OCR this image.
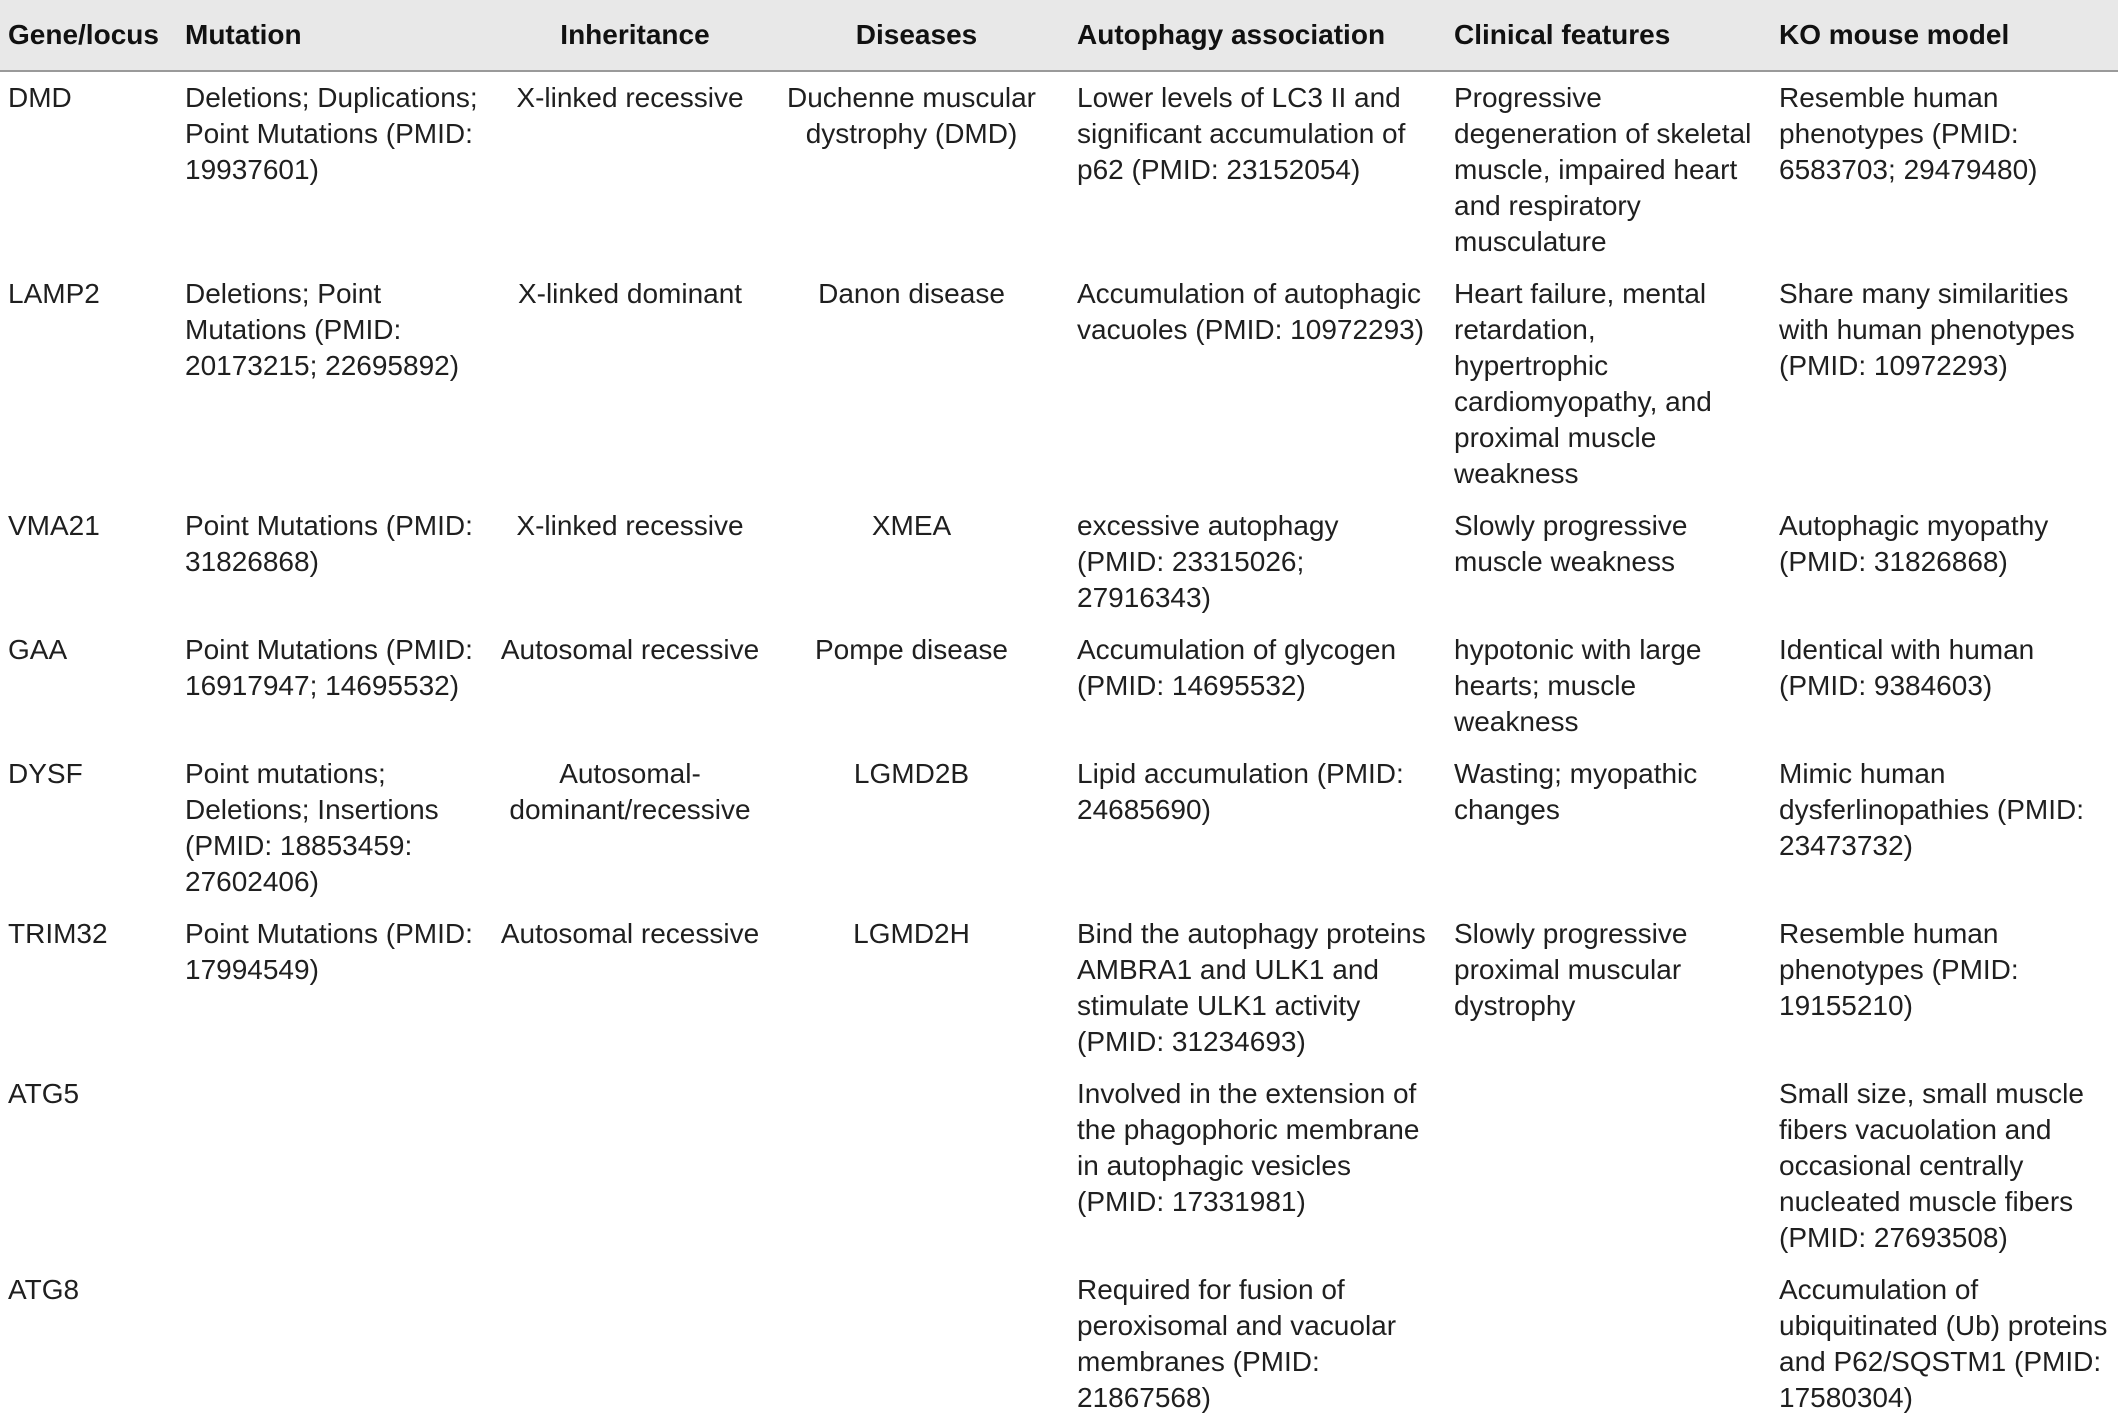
Gene/locus	Mutation	Inheritance	Diseases	Autophagy association	Clinical features	KO mouse model
DMD	Deletions; Duplications; Point Mutations (PMID: 19937601)	X-linked recessive	Duchenne muscular dystrophy (DMD)	Lower levels of LC3 II and significant accumulation of p62 (PMID: 23152054)	Progressive degeneration of skeletal muscle, impaired heart and respiratory musculature	Resemble human phenotypes (PMID: 6583703; 29479480)
LAMP2	Deletions; Point Mutations (PMID: 20173215; 22695892)	X-linked dominant	Danon disease	Accumulation of autophagic vacuoles (PMID: 10972293)	Heart failure, mental retardation, hypertrophic cardiomyopathy, and proximal muscle weakness	Share many similarities with human phenotypes (PMID: 10972293)
VMA21	Point Mutations (PMID: 31826868)	X-linked recessive	XMEA	excessive autophagy (PMID: 23315026; 27916343)	Slowly progressive muscle weakness	Autophagic myopathy (PMID: 31826868)
GAA	Point Mutations (PMID: 16917947; 14695532)	Autosomal recessive	Pompe disease	Accumulation of glycogen (PMID: 14695532)	hypotonic with large hearts; muscle weakness	Identical with human (PMID: 9384603)
DYSF	Point mutations; Deletions; Insertions (PMID: 18853459: 27602406)	Autosomal-dominant/recessive	LGMD2B	Lipid accumulation (PMID: 24685690)	Wasting; myopathic changes	Mimic human dysferlinopathies (PMID: 23473732)
TRIM32	Point Mutations (PMID: 17994549)	Autosomal recessive	LGMD2H	Bind the autophagy proteins AMBRA1 and ULK1 and stimulate ULK1 activity (PMID: 31234693)	Slowly progressive proximal muscular dystrophy	Resemble human phenotypes (PMID: 19155210)
ATG5				Involved in the extension of the phagophoric membrane in autophagic vesicles (PMID: 17331981)		Small size, small muscle fibers vacuolation and occasional centrally nucleated muscle fibers (PMID: 27693508)
ATG8				Required for fusion of peroxisomal and vacuolar membranes (PMID: 21867568)		Accumulation of ubiquitinated (Ub) proteins and P62/SQSTM1 (PMID: 17580304)
